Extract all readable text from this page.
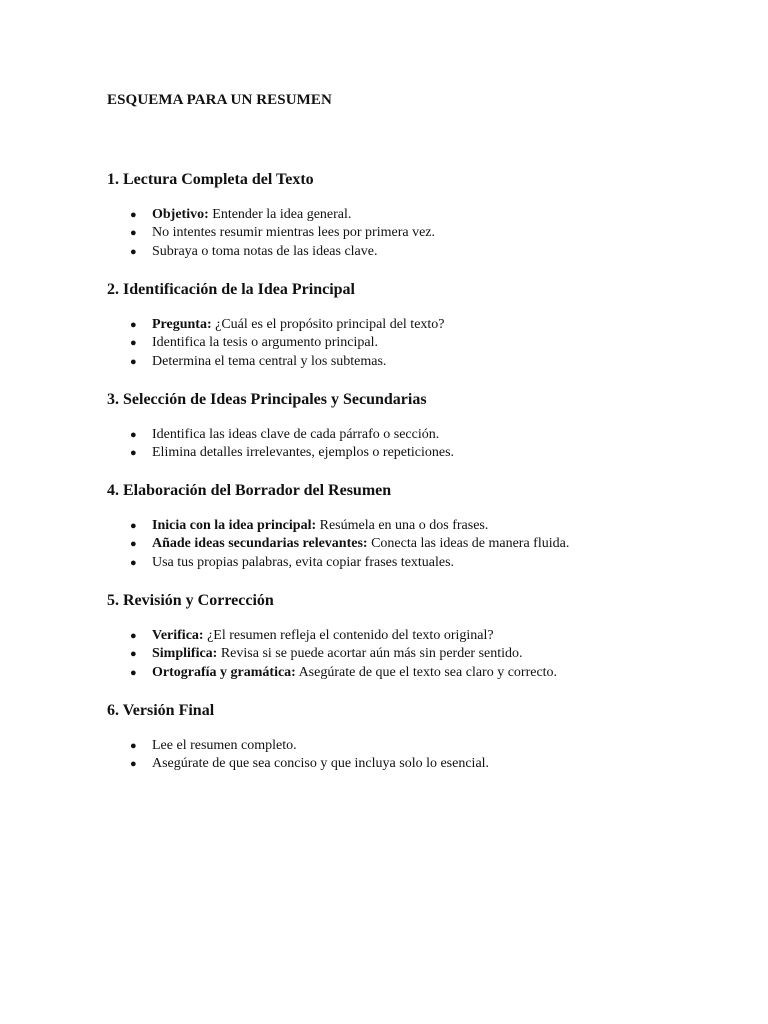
ESQUEMA PARA UN RESUMEN
1. Lectura Completa del Texto
● Objetivo: Entender la idea general.
● No intentes resumir mientras lees por primera vez.
● Subraya o toma notas de las ideas clave.
2. Identificación de la Idea Principal
● Pregunta: ¿Cuál es el propósito principal del texto?
● Identifica la tesis o argumento principal.
● Determina el tema central y los subtemas.
3. Selección de Ideas Principales y Secundarias
● Identifica las ideas clave de cada párrafo o sección.
● Elimina detalles irrelevantes, ejemplos o repeticiones.
4. Elaboración del Borrador del Resumen
● Inicia con la idea principal: Resúmela en una o dos frases.
● Añade ideas secundarias relevantes: Conecta las ideas de manera fluida.
● Usa tus propias palabras, evita copiar frases textuales.
5. Revisión y Corrección
● Verifica: ¿El resumen refleja el contenido del texto original?
● Simplifica: Revisa si se puede acortar aún más sin perder sentido.
● Ortografía y gramática: Asegúrate de que el texto sea claro y correcto.
6. Versión Final
● Lee el resumen completo.
● Asegúrate de que sea conciso y que incluya solo lo esencial.
